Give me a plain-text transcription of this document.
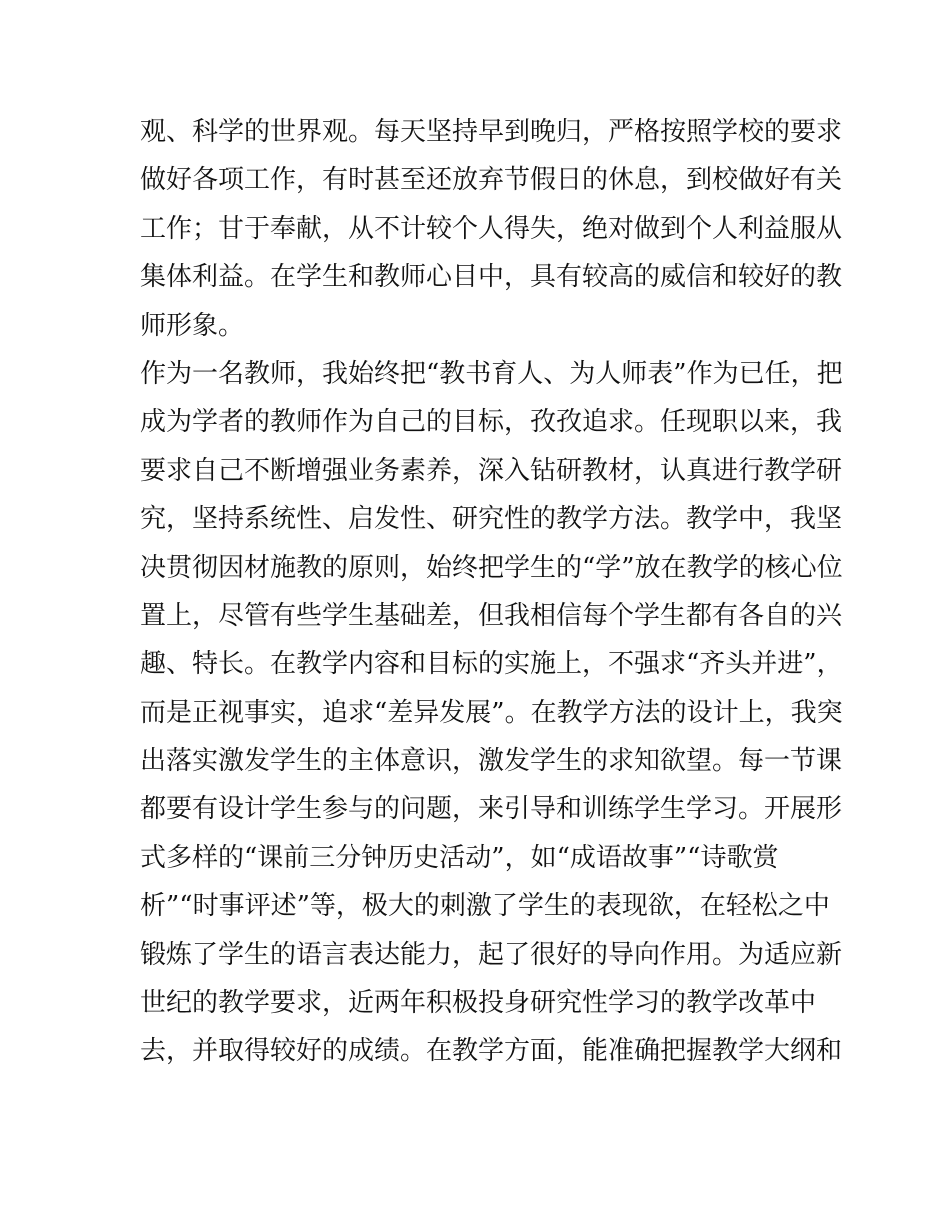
观、科学的世界观。每天坚持早到晚归，严格按照学校的要求
做好各项工作，有时甚至还放弃节假日的休息，到校做好有关
工作；甘于奉献，从不计较个人得失，绝对做到个人利益服从
集体利益。在学生和教师心目中，具有较高的威信和较好的教
师形象。
作为一名教师，我始终把“教书育人、为人师表”作为已任，把
成为学者的教师作为自己的目标，孜孜追求。任现职以来，我
要求自己不断增强业务素养，深入钻研教材，认真进行教学研
究，坚持系统性、启发性、研究性的教学方法。教学中，我坚
决贯彻因材施教的原则，始终把学生的“学”放在教学的核心位
置上，尽管有些学生基础差，但我相信每个学生都有各自的兴
趣、特长。在教学内容和目标的实施上，不强求“齐头并进”，
而是正视事实，追求“差异发展”。在教学方法的设计上，我突
出落实激发学生的主体意识，激发学生的求知欲望。每一节课
都要有设计学生参与的问题，来引导和训练学生学习。开展形
式多样的“课前三分钟历史活动”，如“成语故事”“诗歌赏
析”“时事评述”等，极大的刺激了学生的表现欲，在轻松之中
锻炼了学生的语言表达能力，起了很好的导向作用。为适应新
世纪的教学要求，近两年积极投身研究性学习的教学改革中
去，并取得较好的成绩。在教学方面，能准确把握教学大纲和
